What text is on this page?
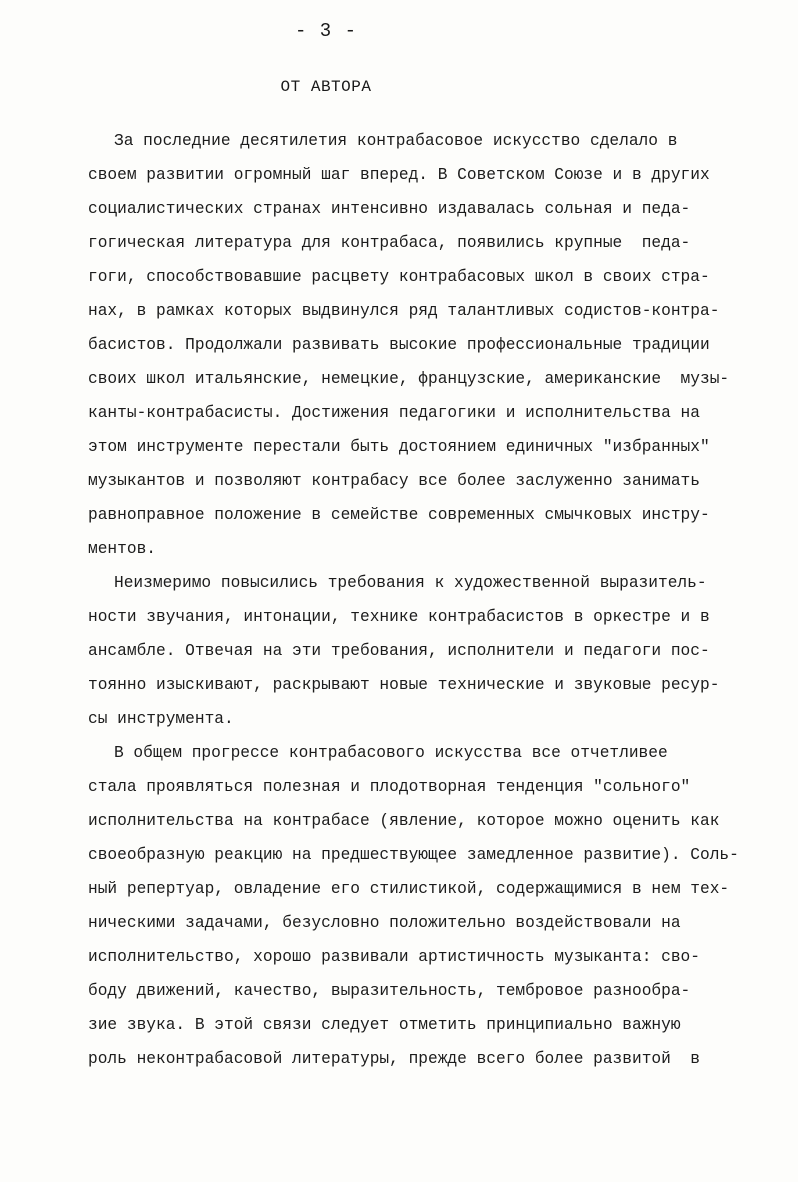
- 3 -
ОТ АВТОРА
За последние десятилетия контрабасовое искусство сделало в
своем развитии огромный шаг вперед. В Советском Союзе и в других
социалистических странах интенсивно издавалась сольная и педа-
гогическая литература для контрабаса, появились крупные  педа-
гоги, способствовавшие расцвету контрабасовых школ в своих стра-
нах, в рамках которых выдвинулся ряд талантливых содистов-контра-
басистов. Продолжали развивать высокие профессиональные традиции
своих школ итальянские, немецкие, французские, американские  музы-
канты-контрабасисты. Достижения педагогики и исполнительства на
этом инструменте перестали быть достоянием единичных "избранных"
музыкантов и позволяют контрабасу все более заслуженно занимать
равноправное положение в семействе современных смычковых инстру-
ментов.
Неизмеримо повысились требования к художественной выразитель-
ности звучания, интонации, технике контрабасистов в оркестре и в
ансамбле. Отвечая на эти требования, исполнители и педагоги пос-
тоянно изыскивают, раскрывают новые технические и звуковые ресур-
сы инструмента.
В общем прогрессе контрабасового искусства все отчетливее
стала проявляться полезная и плодотворная тенденция "сольного"
исполнительства на контрабасе (явление, которое можно оценить как
своеобразную реакцию на предшествующее замедленное развитие). Соль-
ный репертуар, овладение его стилистикой, содержащимися в нем тех-
ническими задачами, безусловно положительно воздействовали на
исполнительство, хорошо развивали артистичность музыканта: сво-
боду движений, качество, выразительность, тембровое разнообра-
зие звука. В этой связи следует отметить принципиально важную
роль неконтрабасовой литературы, прежде всего более развитой  в
